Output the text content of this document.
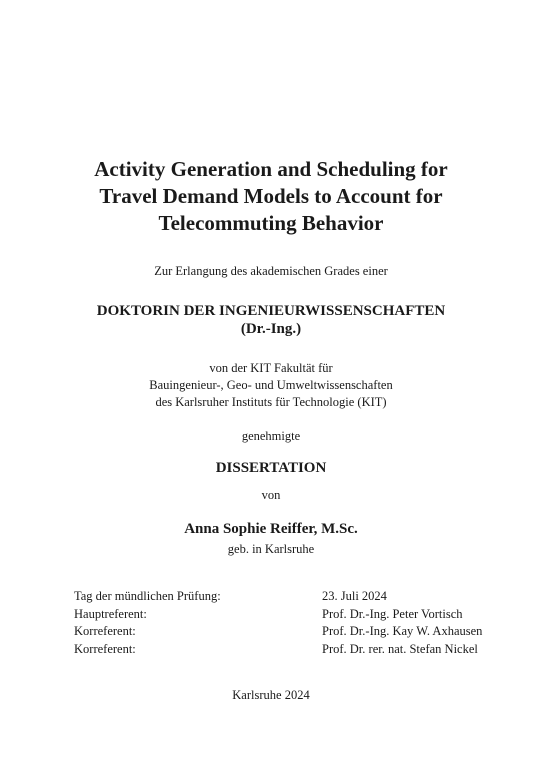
Activity Generation and Scheduling for
Travel Demand Models to Account for
Telecommuting Behavior
Zur Erlangung des akademischen Grades einer
DOKTORIN DER INGENIEURWISSENSCHAFTEN
(Dr.-Ing.)
von der KIT Fakultät für
Bauingenieur-, Geo- und Umweltwissenschaften
des Karlsruher Instituts für Technologie (KIT)
genehmigte
DISSERTATION
von
Anna Sophie Reiffer, M.Sc.
geb. in Karlsruhe
Tag der mündlichen Prüfung:	23. Juli 2024
Hauptreferent:	Prof. Dr.-Ing. Peter Vortisch
Korreferent:	Prof. Dr.-Ing. Kay W. Axhausen
Korreferent:	Prof. Dr. rer. nat. Stefan Nickel
Karlsruhe 2024
